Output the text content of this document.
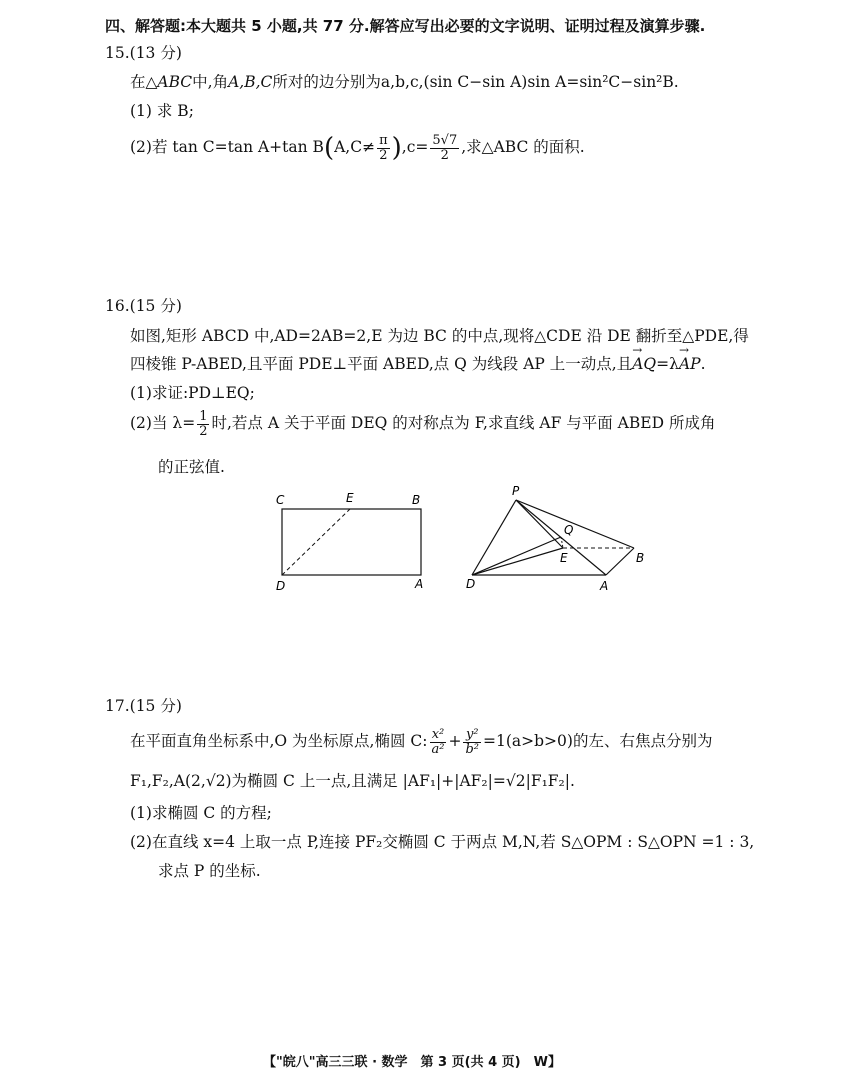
四、解答题:本大题共 5 小题,共 77 分.解答应写出必要的文字说明、证明过程及演算步骤.
15.(13 分)
在△ABC中,角A,B,C所对的边分别为a,b,c,(sin C−sin A)sin A=sin²C−sin²B.
(1) 求 B;
(2)若 tan C=tan A+tan $B(A,C\ne \frac{\pi}{2} ),c= \frac{5√7}{2}$ ,求△ABC 的面积.
16.(15 分)
如图,矩形 ABCD 中,AD=2AB=2,E 为边 BC 的中点,现将△CDE 沿 DE 翻折至△PDE,得
四棱锥 P-ABED,且平面 PDE⊥平面 ABED,点 Q 为线段 AP 上一动点,且→ AQ=λ→ AP.
(1)求证:PD⊥EQ;
(2)当 $\lambda= \frac{1}{2}$ 时,若点 A 关于平面 DEQ 的对称点为 F,求直线 AF 与平面 ABED 所成角
的正弦值.
C	E	B
D	A
P
Q
E	B
D	A
17.(15 分)
在平面直角坐标系中,O 为坐标原点,椭圆 C: $\frac{\text{x²}}{\text{a²}} + \frac{\text{y²}}{\text{b²}} =1(a>b>0)$的左、右焦点分别为
F₁,F₂,A(2,√2)为椭圆 C 上一点,且满足 |AF₁|+|AF₂|=√2|F₁F₂|.
(1)求椭圆 C 的方程;
(2)在直线 x=4 上取一点 P,连接 PF₂交椭圆 C 于两点 M,N,若 S△OPM : S△OPN =1 : 3,
求点 P 的坐标.
【"皖八"高三三联 · 数学　第 3 页(共 4 页)　W】
